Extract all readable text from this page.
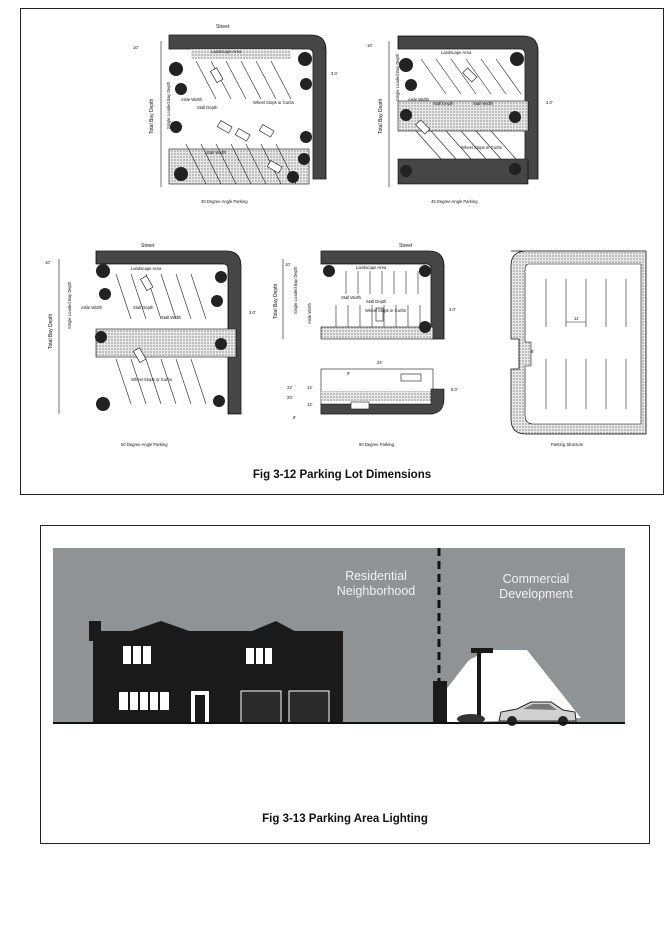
Street
Landscape Area
Total Bay Depth	Single Loaded Bay Depth Aisle Width
Stall Depth
Wheel Stops or Curbs
Stall Width
10'
3.0'
30 Degree Angle Parking
Landscape Area
Total Bay Depth
Single Loaded Bay Depth Aisle Width
Stall Depth	Stall Width
Wheel Stops or Curbs
10'
3.0'
45 Degree Angle Parking
Street
Landscape Area
Total Bay Depth
Single Loaded Bay Depth Aisle Width	Stall Depth
Stall Width
Wheel Stops or Curbs
10'
3.0'
60 Degree Angle Parking
Street
Landscape Area
Total Bay Depth	Single Loaded Bay Depth Aisle Width
Stall Width
Stall Depth
Wheel Stops or Curbs
10'
3.0'
24'
9'
14'
22'
20'
12'
8'
5.0'
90 Degree Parking
11'
8'
Parking Structure
Fig 3-12 Parking Lot Dimensions
Residential
Neighborhood
Commercial
Development
Fig 3-13 Parking Area Lighting
